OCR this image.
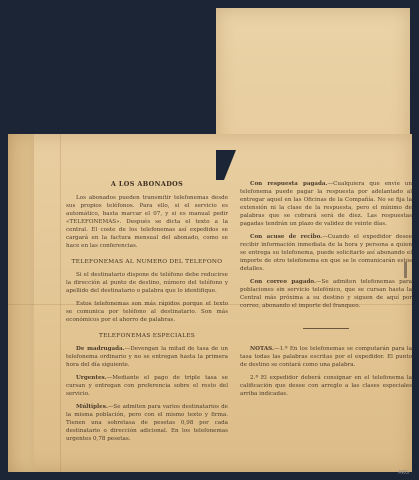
A LOS ABONADOS

Los abonados pueden transmitir telefonemas desde sus propios teléfonos. Para ello, si el servicio es automático, basta marcar el 07, y si es manual pedir «TELEFONEMAS». Después se dicta el texto a la central. El coste de los telefonemas así expedidos se cargará en la factura mensual del abonado, como se hace en las conferencias.

TELEFONEMAS AL NUMERO DEL TELEFONO

Si el destinatario dispone de teléfono debe reducirse la dirección al punto de destino, número del teléfono y apellido del destinatario o palabra que lo identifique.

Estos telefonemas son más rápidos porque el texto se comunica por teléfono al destinatario. Son más económicos por el ahorro de palabras.

TELEFONEMAS ESPECIALES

De madrugada.—Devengan la mitad de tasa de un telefonema ordinario y no se entregan hasta la primera hora del día siguiente.

Urgentes.—Mediante el pago de triple tasa se cursan y entregan con preferencia sobre el resto del servicio.

Múltiples.—Se admiten para varios destinatarios de la misma población, pero con el mismo texto y firma. Tienen una sobretasa de pesetas 0,98 por cada destinatario o dirección adicional. En los telefonemas urgentes 0,78 pesetas.

Con respuesta pagada.—Cualquiera que envíe un telefonema puede pagar la respuesta por adelantado al entregar aquel en las Oficinas de la Compañía. No se fija la extensión ni la clase de la respuesta, pero el mínimo de palabras que se cobrará será de diez. Las respuestas pagadas tendrán un plazo de validez de veinte días.

Con acuse de recibo.—Cuando el expedidor desee recibir información inmediata de la hora y persona a quien se entrega su telefonema, puede solicitarlo así abonando el importe de otro telefonema en que se le comunicarán estos detalles.

Con correo pagado.—Se admiten telefonemas para poblaciones sin servicio telefónico, que se cursan hasta la Central más próxima a su destino y siguen de aquí por correo, abonando el importe del franqueo.

NOTAS.—1.ª En los telefonemas se computarán para la tasa todas las palabras escritas por el expedidor. El punto de destino se contará como una palabra.

2.ª El expedidor deberá consignar en el telefonema la calificación que desee con arreglo a las clases especiales arriba indicadas.

ARG
